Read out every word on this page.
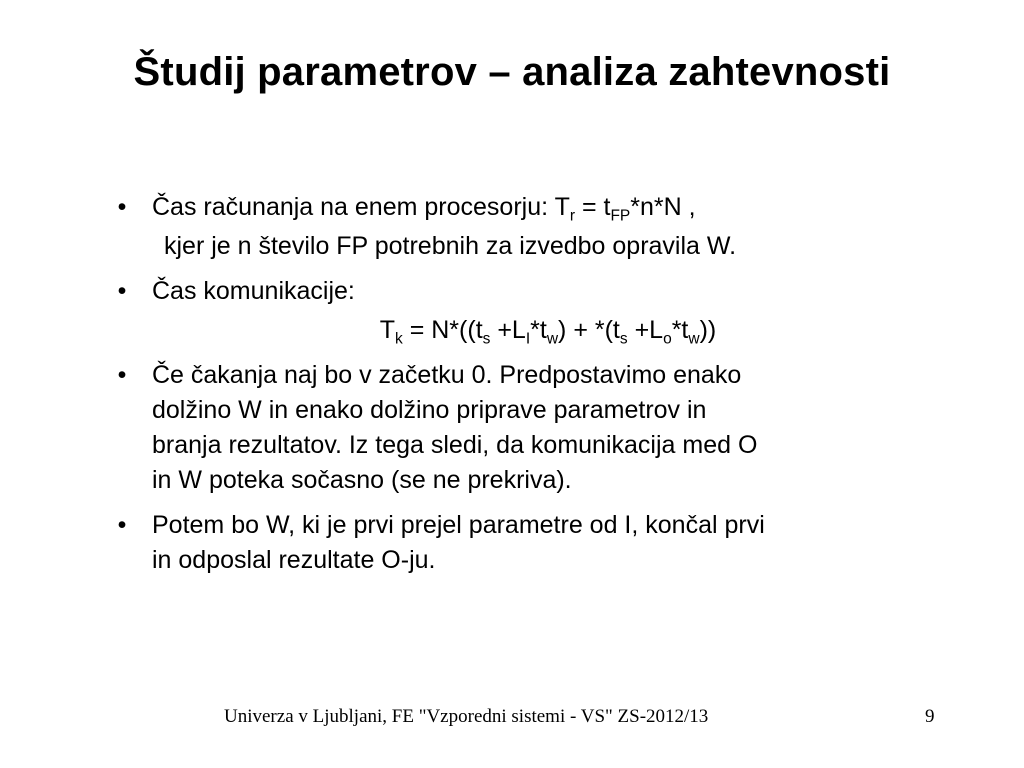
Študij parametrov – analiza zahtevnosti
• Čas računanja na enem procesorju: $T_r = t_{FP}*n*N$ ,
kjer je n število FP potrebnih za izvedbo opravila W.
• Čas komunikacije:
$T_k = N*((t_s +L_I*t_w) + *(t_s +L_o*t_w))$
• Če čakanja naj bo v začetku 0. Predpostavimo enako
dolžino W in enako dolžino priprave parametrov in
branja rezultatov. Iz tega sledi, da komunikacija med O
in W poteka sočasno (se ne prekriva).
• Potem bo W, ki je prvi prejel parametre od I, končal prvi
in odposlal rezultate O-ju.
Univerza v Ljubljani, FE "Vzporedni sistemi - VS" ZS-2012/13	9
